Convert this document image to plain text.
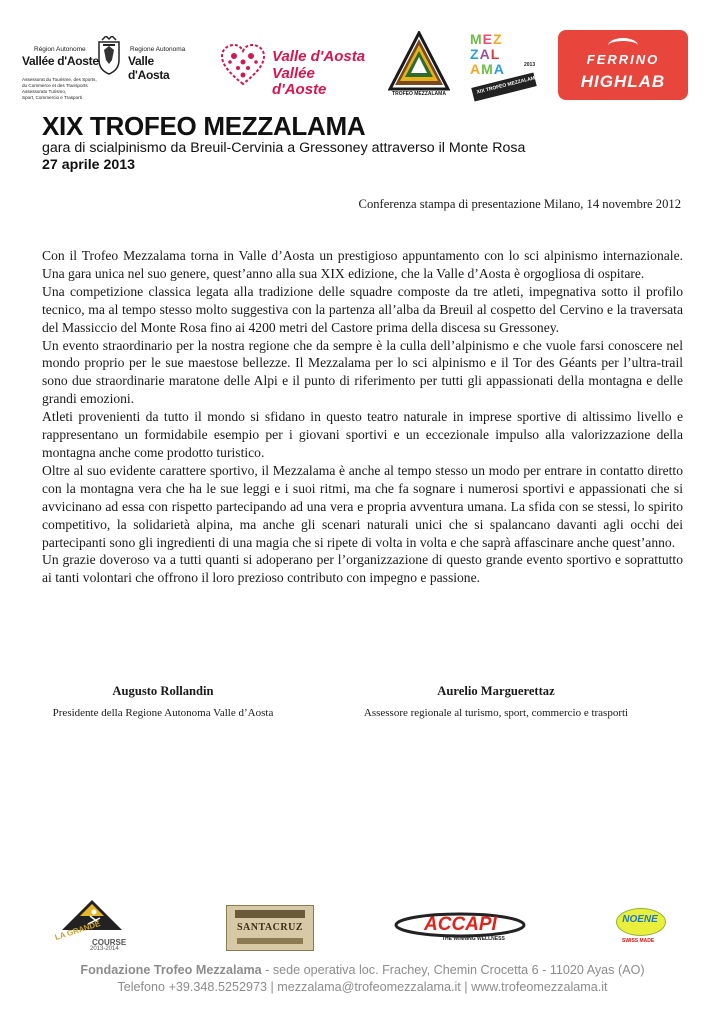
Région Autonome
Vallée d'Aoste
Regione Autonoma
Valle d'Aosta
Assessorat du Tourisme, des Sports,
du Commerce et des Transports
Assessorato Turismo,
Sport, Commercio e Trasporti
Valle d'Aosta
Vallée d'Aoste	TROFEO MEZZALAMA
MEZ
ZAL
AMA
XIX TROFEO MEZZALAMA
2013	FERRINO
HIGHLAB
XIX TROFEO MEZZALAMA
gara di scialpinismo da Breuil-Cervinia a Gressoney attraverso il Monte Rosa
27 aprile 2013
Conferenza stampa di presentazione Milano, 14 novembre 2012

Con il Trofeo Mezzalama torna in Valle d’Aosta un prestigioso appuntamento con lo sci alpinismo internazionale. Una gara unica nel suo genere, quest’anno alla sua XIX edizione, che la Valle d’Aosta è orgogliosa di ospitare.

Una competizione classica legata alla tradizione delle squadre composte da tre atleti, impegnativa sotto il profilo tecnico, ma al tempo stesso molto suggestiva con la partenza all’alba da Breuil al cospetto del Cervino e la traversata del Massiccio del Monte Rosa fino ai 4200 metri del Castore prima della discesa su Gressoney.

Un evento straordinario per la nostra regione che da sempre è la culla dell’alpinismo e che vuole farsi conoscere nel mondo proprio per le sue maestose bellezze. Il Mezzalama per lo sci alpinismo e il Tor des Géants per l’ultra-trail sono due straordinarie maratone delle Alpi e il punto di riferimento per tutti gli appassionati della montagna e delle grandi emozioni.

Atleti provenienti da tutto il mondo si sfidano in questo teatro naturale in imprese sportive di altissimo livello e rappresentano un formidabile esempio per i giovani sportivi e un eccezionale impulso alla valorizzazione della montagna anche come prodotto turistico.

Oltre al suo evidente carattere sportivo, il Mezzalama è anche al tempo stesso un modo per entrare in contatto diretto con la montagna vera che ha le sue leggi e i suoi ritmi, ma che fa sognare i numerosi sportivi e appassionati che si avvicinano ad essa con rispetto partecipando ad una vera e propria avventura umana. La sfida con se stessi, lo spirito competitivo, la solidarietà alpina, ma anche gli scenari naturali unici che si spalancano davanti agli occhi dei partecipanti sono gli ingredienti di una magia che si ripete di volta in volta e che saprà affascinare anche quest’anno.

Un grazie doveroso va a tutti quanti si adoperano per l’organizzazione di questo grande evento sportivo e soprattutto ai tanti volontari che offrono il loro prezioso contributo con impegno e passione.

Augusto Rollandin
Presidente della Regione Autonoma Valle d’Aosta
Aurelio Marguerettaz
Assessore regionale al turismo, sport, commercio e trasporti
LA GRANDE
COURSE
2013-2014
SANTACRUZ	ACCAPI
THE WINNING WELLNESS
NOENE
SWISS MADE
Fondazione Trofeo Mezzalama - sede operativa loc. Frachey, Chemin Crocetta 6 - 11020 Ayas (AO)
Telefono +39.348.5252973 | mezzalama@trofeomezzalama.it | www.trofeomezzalama.it
